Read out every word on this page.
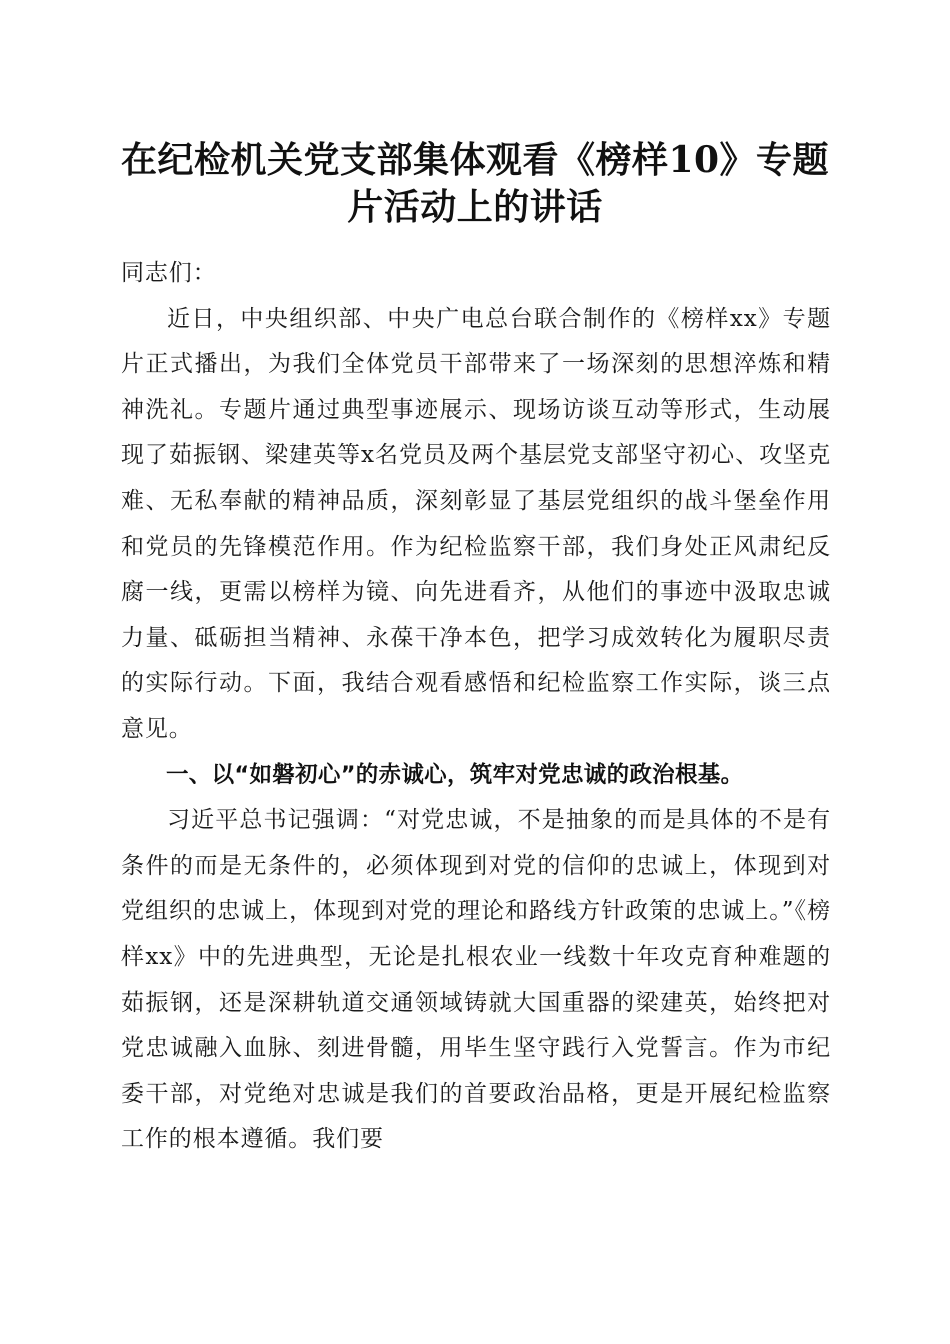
在纪检机关党支部集体观看《榜样10》专题
片活动上的讲话

同志们：

近日，中央组织部、中央广电总台联合制作的《榜样xx》专题片正式播出，为我们全体党员干部带来了一场深刻的思想淬炼和精神洗礼。专题片通过典型事迹展示、现场访谈互动等形式，生动展现了茹振钢、梁建英等x名党员及两个基层党支部坚守初心、攻坚克难、无私奉献的精神品质，深刻彰显了基层党组织的战斗堡垒作用和党员的先锋模范作用。作为纪检监察干部，我们身处正风肃纪反腐一线，更需以榜样为镜、向先进看齐，从他们的事迹中汲取忠诚力量、砥砺担当精神、永葆干净本色，把学习成效转化为履职尽责的实际行动。下面，我结合观看感悟和纪检监察工作实际，谈三点意见。

一、以“如磐初心”的赤诚心，筑牢对党忠诚的政治根基。

习近平总书记强调：“对党忠诚，不是抽象的而是具体的不是有条件的而是无条件的，必须体现到对党的信仰的忠诚上，体现到对党组织的忠诚上，体现到对党的理论和路线方针政策的忠诚上。”《榜样xx》中的先进典型，无论是扎根农业一线数十年攻克育种难题的茹振钢，还是深耕轨道交通领域铸就大国重器的梁建英，始终把对党忠诚融入血脉、刻进骨髓，用毕生坚守践行入党誓言。作为市纪委干部，对党绝对忠诚是我们的首要政治品格，更是开展纪检监察工作的根本遵循。我们要
